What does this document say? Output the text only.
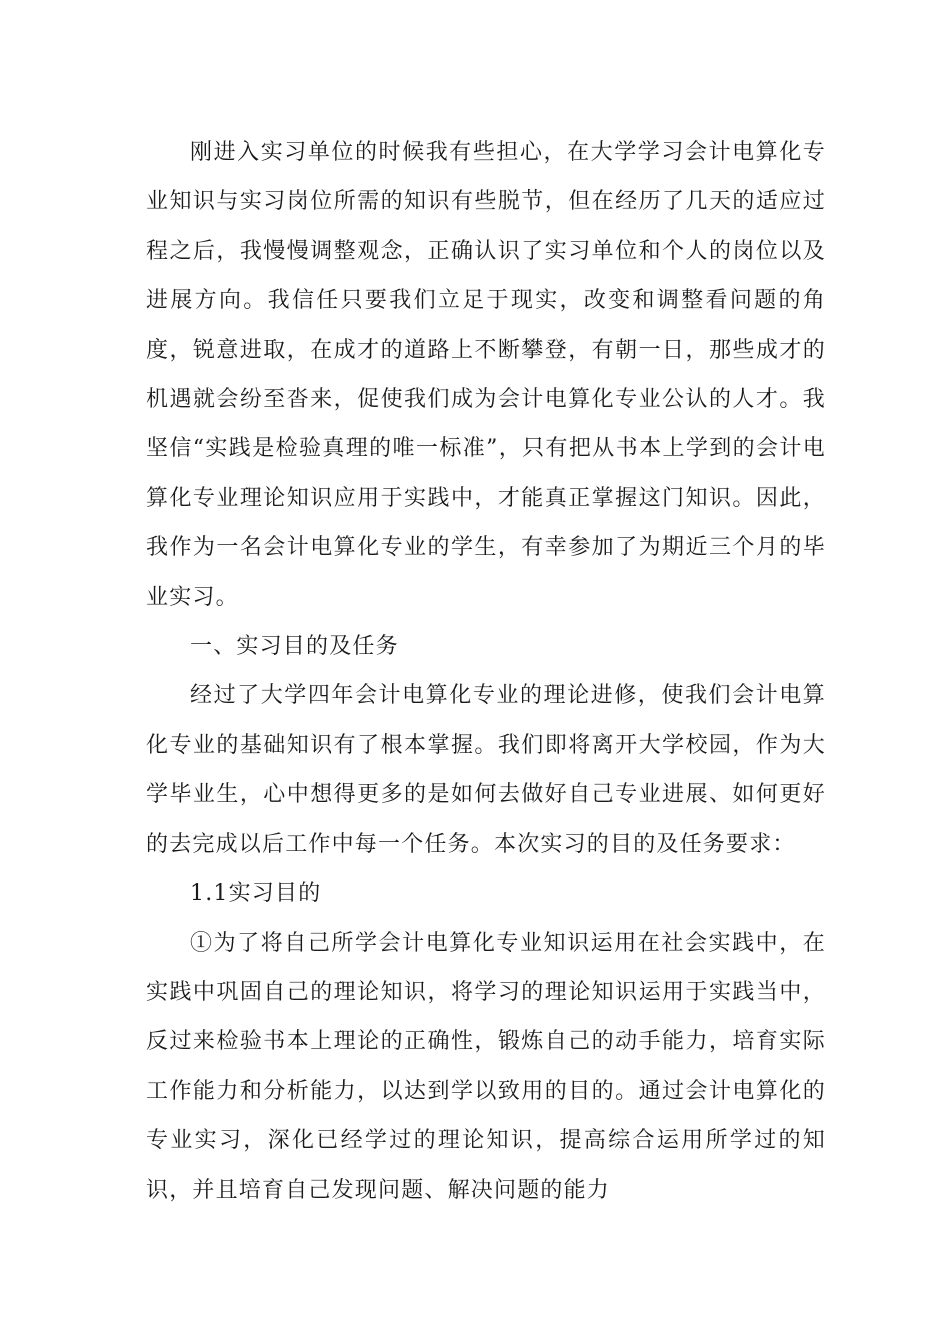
刚进入实习单位的时候我有些担心，在大学学习会计电算化专业知识与实习岗位所需的知识有些脱节，但在经历了几天的适应过程之后，我慢慢调整观念，正确认识了实习单位和个人的岗位以及进展方向。我信任只要我们立足于现实，改变和调整看问题的角度，锐意进取，在成才的道路上不断攀登，有朝一日，那些成才的机遇就会纷至沓来，促使我们成为会计电算化专业公认的人才。我坚信“实践是检验真理的唯一标准”，只有把从书本上学到的会计电算化专业理论知识应用于实践中，才能真正掌握这门知识。因此，我作为一名会计电算化专业的学生，有幸参加了为期近三个月的毕业实习。

一、实习目的及任务

经过了大学四年会计电算化专业的理论进修，使我们会计电算化专业的基础知识有了根本掌握。我们即将离开大学校园，作为大学毕业生，心中想得更多的是如何去做好自己专业进展、如何更好的去完成以后工作中每一个任务。本次实习的目的及任务要求：

1.1实习目的

①为了将自己所学会计电算化专业知识运用在社会实践中，在实践中巩固自己的理论知识，将学习的理论知识运用于实践当中，反过来检验书本上理论的正确性，锻炼自己的动手能力，培育实际工作能力和分析能力，以达到学以致用的目的。通过会计电算化的专业实习，深化已经学过的理论知识，提高综合运用所学过的知识，并且培育自己发现问题、解决问题的能力
